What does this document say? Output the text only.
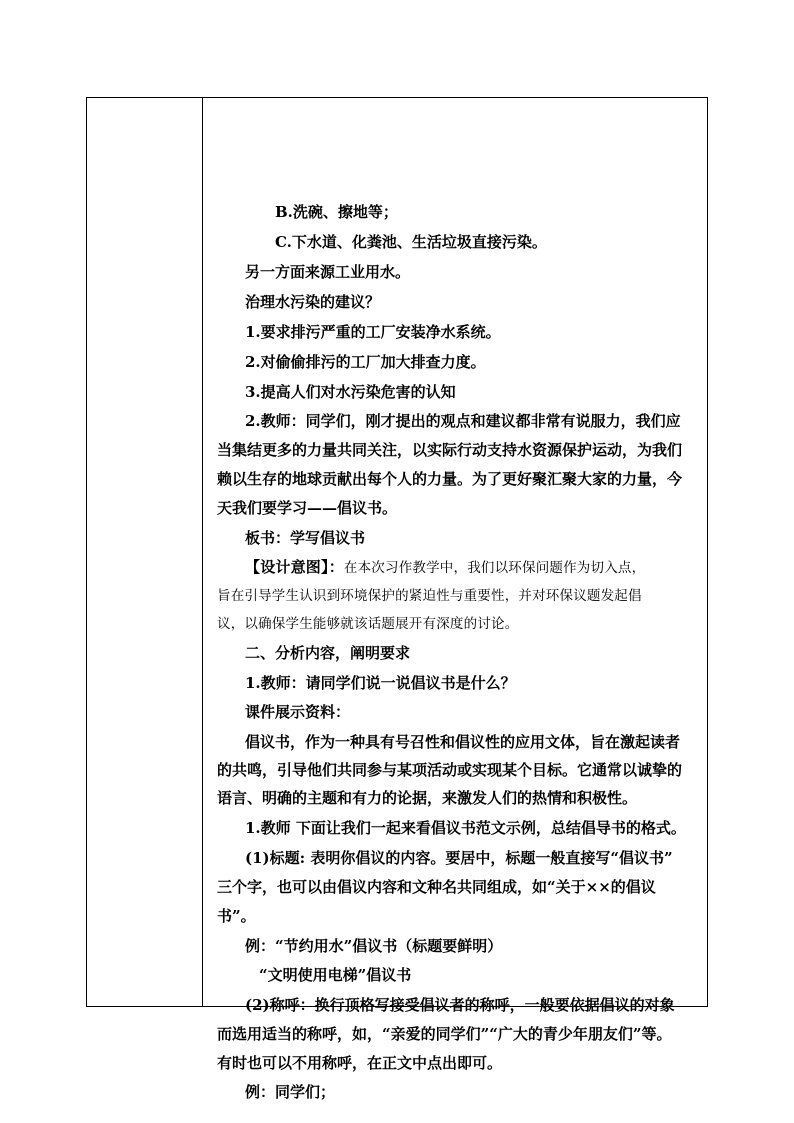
【设计意图】：在本次习作教学中，我们以环保问题作为切入点，
旨在引导学生认识到环境保护的紧迫性与重要性，并对环保议题发起倡
议，以确保学生能够就该话题展开有深度的讨论。
B.洗碗、擦地等；
C.下水道、化粪池、生活垃圾直接污染。
另一方面来源工业用水。
治理水污染的建议？
1.要求排污严重的工厂安装净水系统。
2.对偷偷排污的工厂加大排查力度。
3.提高人们对水污染危害的认知
2.教师：同学们，刚才提出的观点和建议都非常有说服力，我们应
当集结更多的力量共同关注，以实际行动支持水资源保护运动，为我们
赖以生存的地球贡献出每个人的力量。为了更好聚汇聚大家的力量，今
天我们要学习——倡议书。
板书：学写倡议书
二、分析内容，阐明要求
1.教师：请同学们说一说倡议书是什么？
课件展示资料：
倡议书，作为一种具有号召性和倡议性的应用文体，旨在激起读者
的共鸣，引导他们共同参与某项活动或实现某个目标。它通常以诚挚的
语言、明确的主题和有力的论据，来激发人们的热情和积极性。
1.教师 下面让我们一起来看倡议书范文示例，总结倡导书的格式。
(1)标题: 表明你倡议的内容。要居中，标题一般直接写“倡议书”
三个字，也可以由倡议内容和文种名共同组成，如“关于××的倡议
书”。
例：“节约用水”倡议书（标题要鲜明）
“文明使用电梯”倡议书
(2)称呼：换行顶格写接受倡议者的称呼，一般要依据倡议的对象
而选用适当的称呼，如，“亲爱的同学们”“广大的青少年朋友们”等。
有时也可以不用称呼，在正文中点出即可。
例：同学们；
